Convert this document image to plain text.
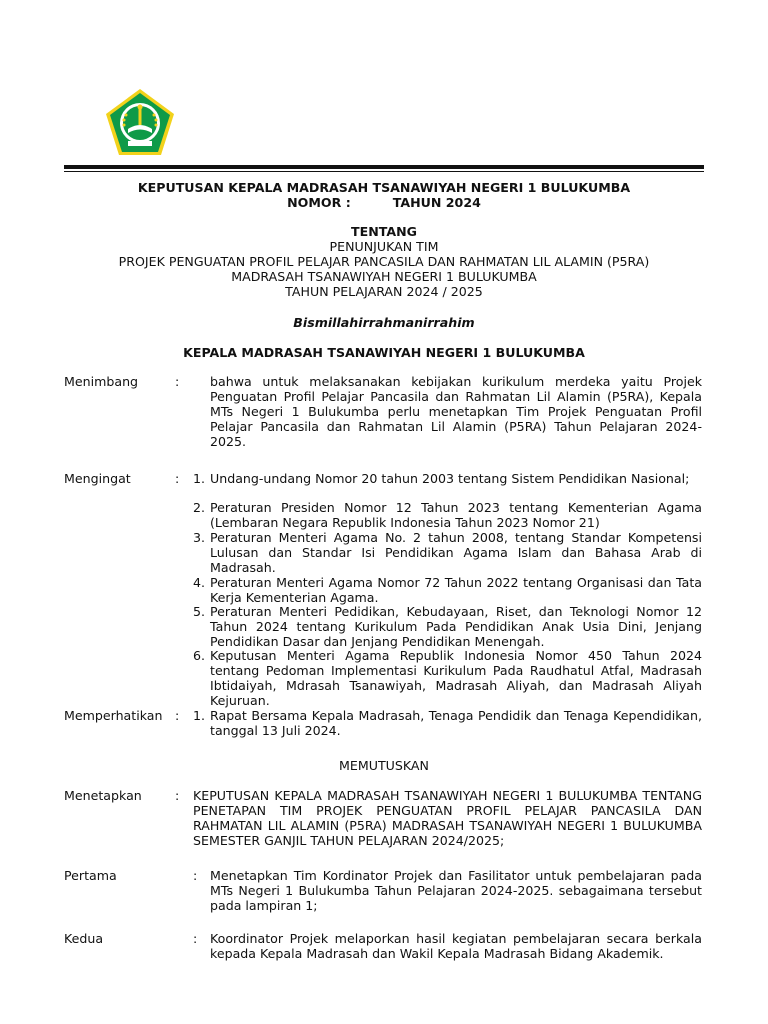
KEPUTUSAN KEPALA MADRASAH TSANAWIYAH NEGERI 1 BULUKUMBA
NOMOR :	TAHUN 2024
TENTANG
PENUNJUKAN TIM
PROJEK PENGUATAN PROFIL PELAJAR PANCASILA DAN RAHMATAN LIL ALAMIN (P5RA)
MADRASAH TSANAWIYAH NEGERI 1 BULUKUMBA
TAHUN PELAJARAN 2024 / 2025
Bismillahirrahmanirrahim
KEPALA MADRASAH TSANAWIYAH NEGERI 1 BULUKUMBA
Menimbang	: bahwa untuk melaksanakan kebijakan kurikulum merdeka yaitu Projek Penguatan Profil Pelajar Pancasila dan Rahmatan Lil Alamin (P5RA), Kepala MTs Negeri 1 Bulukumba perlu menetapkan Tim Projek Penguatan Profil Pelajar Pancasila dan Rahmatan Lil Alamin (P5RA) Tahun Pelajaran 2024-2025.
Mengingat	: 1. Undang-undang Nomor 20 tahun 2003 tentang Sistem Pendidikan Nasional;
2. Peraturan Presiden Nomor 12 Tahun 2023 tentang Kementerian Agama (Lembaran Negara Republik Indonesia Tahun 2023 Nomor 21)
3. Peraturan Menteri Agama No. 2 tahun 2008, tentang Standar Kompetensi Lulusan dan Standar Isi Pendidikan Agama Islam dan Bahasa Arab di Madrasah.
4. Peraturan Menteri Agama Nomor 72 Tahun 2022 tentang Organisasi dan Tata Kerja Kementerian Agama.
5. Peraturan Menteri Pedidikan, Kebudayaan, Riset, dan Teknologi Nomor 12 Tahun 2024 tentang Kurikulum Pada Pendidikan Anak Usia Dini, Jenjang Pendidikan Dasar dan Jenjang Pendidikan Menengah.
6. Keputusan Menteri Agama Republik Indonesia Nomor 450 Tahun 2024 tentang Pedoman Implementasi Kurikulum Pada Raudhatul Atfal, Madrasah Ibtidaiyah, Mdrasah Tsanawiyah, Madrasah Aliyah, dan Madrasah Aliyah Kejuruan.
Memperhatikan : 1. Rapat Bersama Kepala Madrasah, Tenaga Pendidik dan Tenaga Kependidikan, tanggal 13 Juli 2024.
MEMUTUSKAN
Menetapkan	: KEPUTUSAN KEPALA MADRASAH TSANAWIYAH NEGERI 1 BULUKUMBA TENTANG PENETAPAN TIM PROJEK PENGUATAN PROFIL PELAJAR PANCASILA DAN RAHMATAN LIL ALAMIN (P5RA) MADRASAH TSANAWIYAH NEGERI 1 BULUKUMBA SEMESTER GANJIL TAHUN PELAJARAN 2024/2025;
Pertama	: Menetapkan Tim Kordinator Projek dan Fasilitator untuk pembelajaran pada MTs Negeri 1 Bulukumba Tahun Pelajaran 2024-2025. sebagaimana tersebut pada lampiran 1;
Kedua	: Koordinator Projek melaporkan hasil kegiatan pembelajaran secara berkala kepada Kepala Madrasah dan Wakil Kepala Madrasah Bidang Akademik.
